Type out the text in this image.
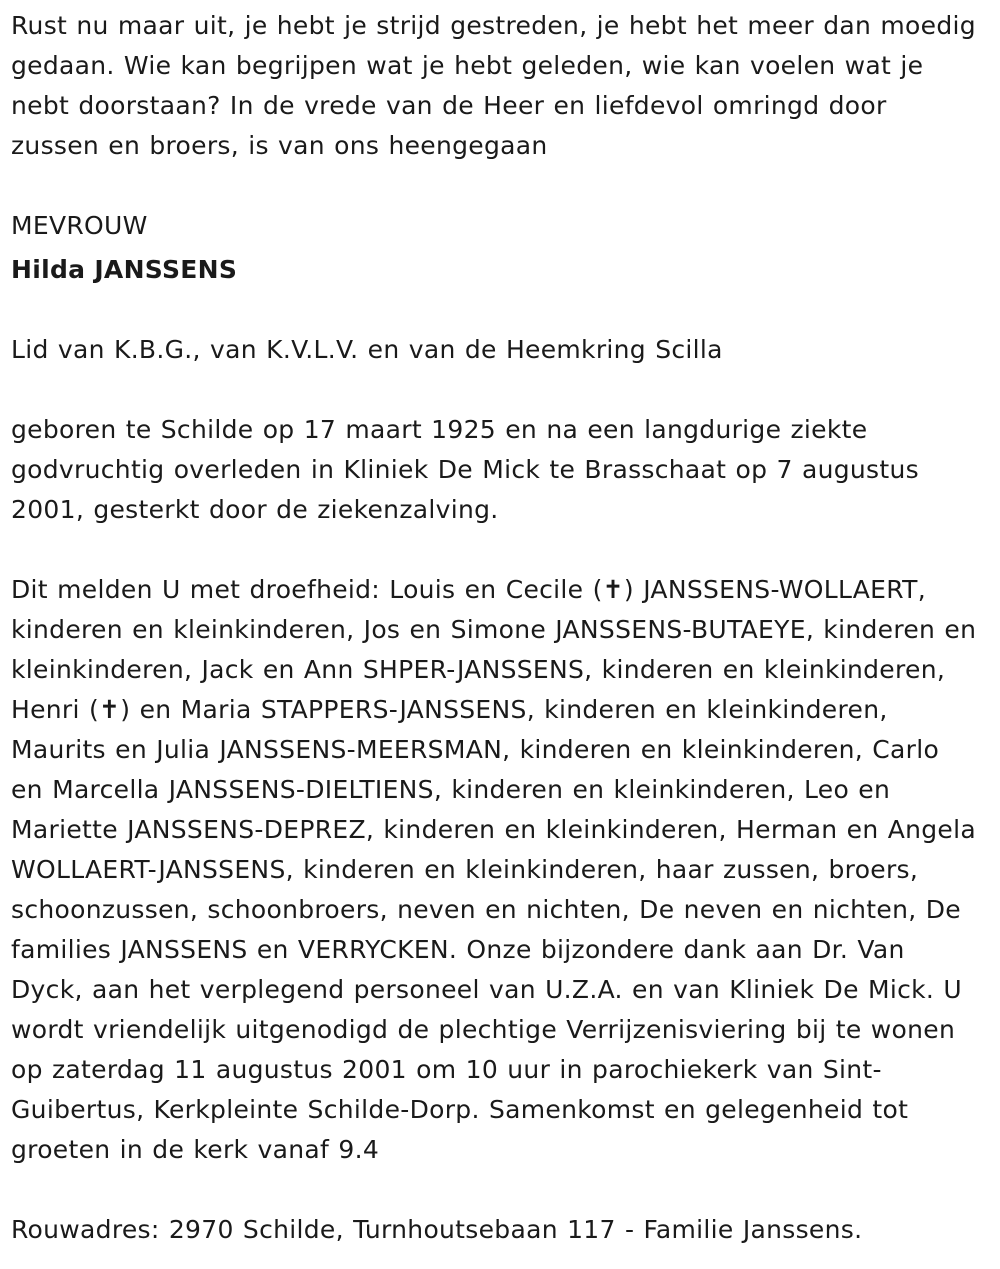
Rust nu maar uit, je hebt je strijd gestreden, je hebt het meer dan moedig gedaan. Wie kan begrijpen wat je hebt geleden, wie kan voelen wat je nebt doorstaan? In de vrede van de Heer en liefdevol omringd door zussen en broers, is van ons heengegaan

MEVROUW

Hilda JANSSENS

Lid van K.B.G., van K.V.L.V. en van de Heemkring Scilla

geboren te Schilde op 17 maart 1925 en na een langdurige ziekte godvruchtig overleden in Kliniek De Mick te Brasschaat op 7 augustus 2001, gesterkt door de ziekenzalving.

Dit melden U met droefheid: Louis en Cecile (✝) JANSSENS-WOLLAERT, kinderen en kleinkinderen, Jos en Simone JANSSENS-BUTAEYE, kinderen en kleinkinderen, Jack en Ann SHPER-JANSSENS, kinderen en kleinkinderen, Henri (✝) en Maria STAPPERS-JANSSENS, kinderen en kleinkinderen, Maurits en Julia JANSSENS-MEERSMAN, kinderen en kleinkinderen, Carlo en Marcella JANSSENS-DIELTIENS, kinderen en kleinkinderen, Leo en Mariette JANSSENS-DEPREZ, kinderen en kleinkinderen, Herman en Angela WOLLAERT-JANSSENS, kinderen en kleinkinderen, haar zussen, broers, schoonzussen, schoonbroers, neven en nichten, De neven en nichten, De families JANSSENS en VERRYCKEN. Onze bijzondere dank aan Dr. Van Dyck, aan het verplegend personeel van U.Z.A. en van Kliniek De Mick. U wordt vriendelijk uitgenodigd de plechtige Verrijzenisviering bij te wonen op zaterdag 11 augustus 2001 om 10 uur in parochiekerk van Sint-Guibertus, Kerkpleinte Schilde-Dorp. Samenkomst en gelegenheid tot groeten in de kerk vanaf 9.4

Rouwadres: 2970 Schilde, Turnhoutsebaan 117 - Familie Janssens.
